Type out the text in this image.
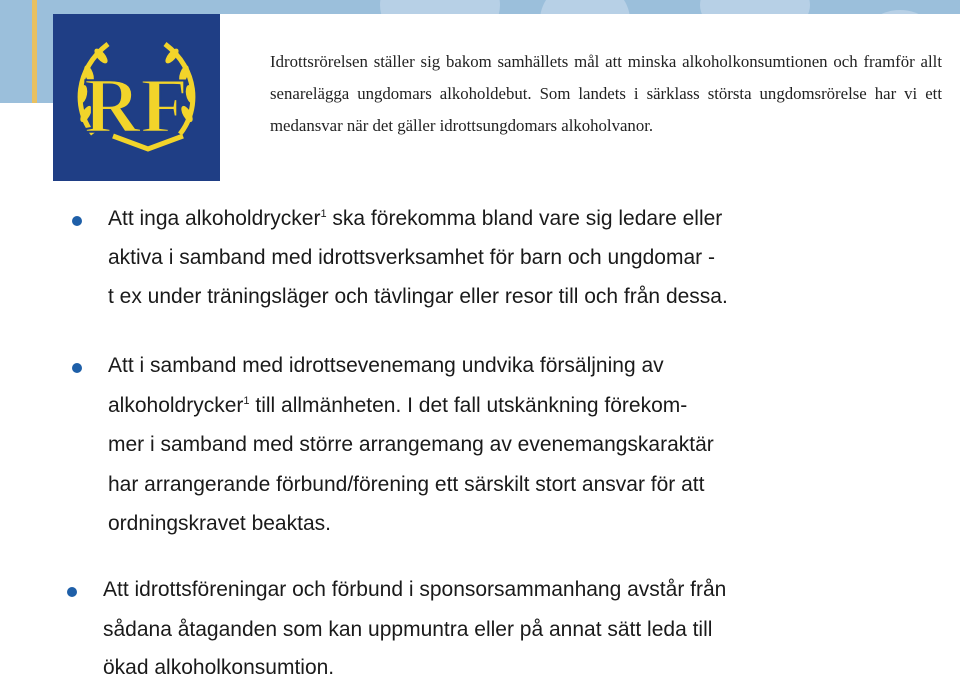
Idrottsrörelsen ställer sig bakom samhällets mål att minska alkoholkonsumtionen och framför allt senarelägga ungdomars alkoholdebut. Som landets i särklass största ungdomsrörelse har vi ett medansvar när det gäller idrottsungdomars alkoholvanor.

RF
Att inga alkoholdrycker$^1$ ska förekomma bland vare sig ledare eller
aktiva i samband med idrottsverksamhet för barn och ungdomar -
t ex under träningsläger och tävlingar eller resor till och från dessa.
Att i samband med idrottsevenemang undvika försäljning av
alkoholdrycker$^1$ till allmänheten. I det fall utskänkning förekom-
mer i samband med större arrangemang av evenemangskaraktär
har arrangerande förbund/förening ett särskilt stort ansvar för att
ordningskravet beaktas.
Att idrottsföreningar och förbund i sponsorsammanhang avstår från
sådana åtaganden som kan uppmuntra eller på annat sätt leda till
ökad alkoholkonsumtion.
